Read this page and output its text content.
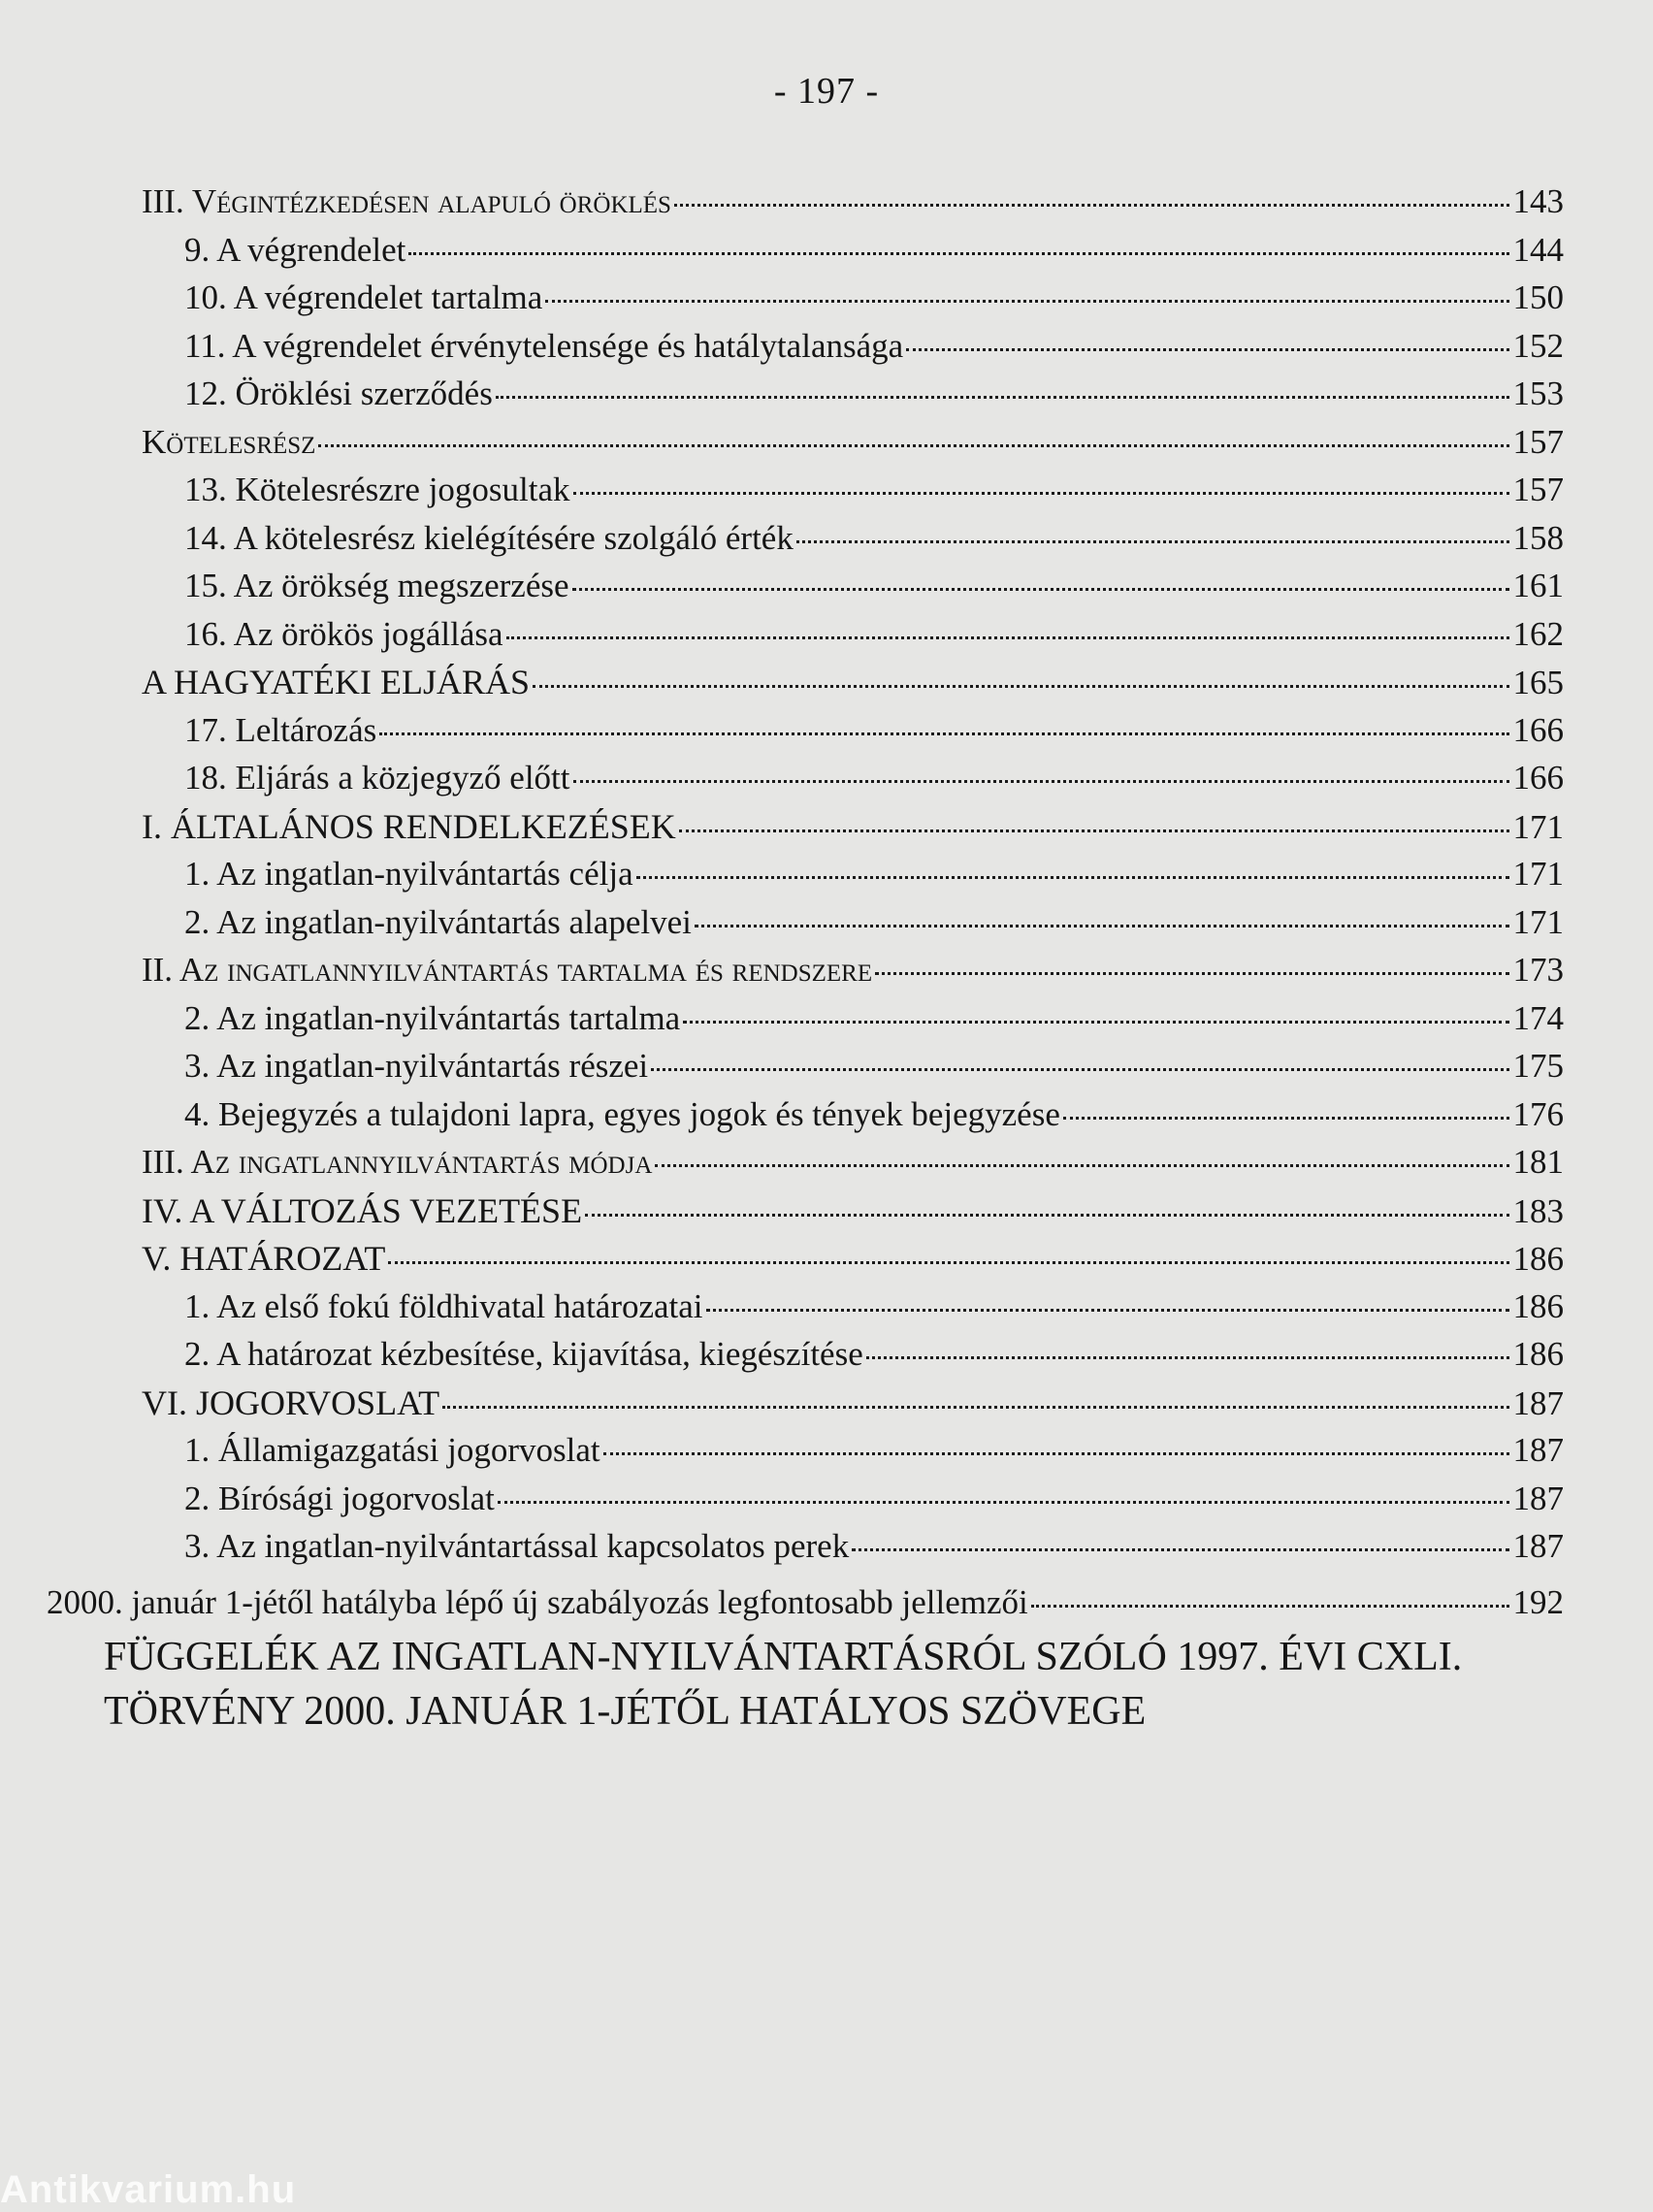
- 197 -
III. Végintézkedésen alapuló öröklés	143
9. A végrendelet	144
10. A végrendelet tartalma	150
11. A végrendelet érvénytelensége és hatálytalansága	152
12. Öröklési szerződés	153
Kötelesrész	157
13. Kötelesrészre jogosultak	157
14. A kötelesrész kielégítésére szolgáló érték	158
15. Az örökség megszerzése	161
16. Az örökös jogállása	162
A HAGYATÉKI ELJÁRÁS	165
17. Leltározás	166
18. Eljárás a közjegyző előtt	166
I. ÁLTALÁNOS RENDELKEZÉSEK	171
1. Az ingatlan-nyilvántartás célja	171
2. Az ingatlan-nyilvántartás alapelvei	171
II. Az ingatlannyilvántartás tartalma és rendszere	173
2. Az ingatlan-nyilvántartás tartalma	174
3. Az ingatlan-nyilvántartás részei	175
4. Bejegyzés a tulajdoni lapra, egyes jogok és tények bejegyzése	176
III. Az ingatlannyilvántartás módja	181
IV. A VÁLTOZÁS VEZETÉSE	183
V. HATÁROZAT	186
1. Az első fokú földhivatal határozatai	186
2. A határozat kézbesítése, kijavítása, kiegészítése	186
VI. JOGORVOSLAT	187
1. Államigazgatási jogorvoslat	187
2. Bírósági jogorvoslat	187
3. Az ingatlan-nyilvántartással kapcsolatos perek	187
2000. január 1-jétől hatályba lépő új szabályozás legfontosabb jellemzői	192
FÜGGELÉK AZ INGATLAN-NYILVÁNTARTÁSRÓL SZÓLÓ 1997. ÉVI CXLI.
TÖRVÉNY 2000. JANUÁR 1-JÉTŐL HATÁLYOS SZÖVEGE
Antikvarium.hu
